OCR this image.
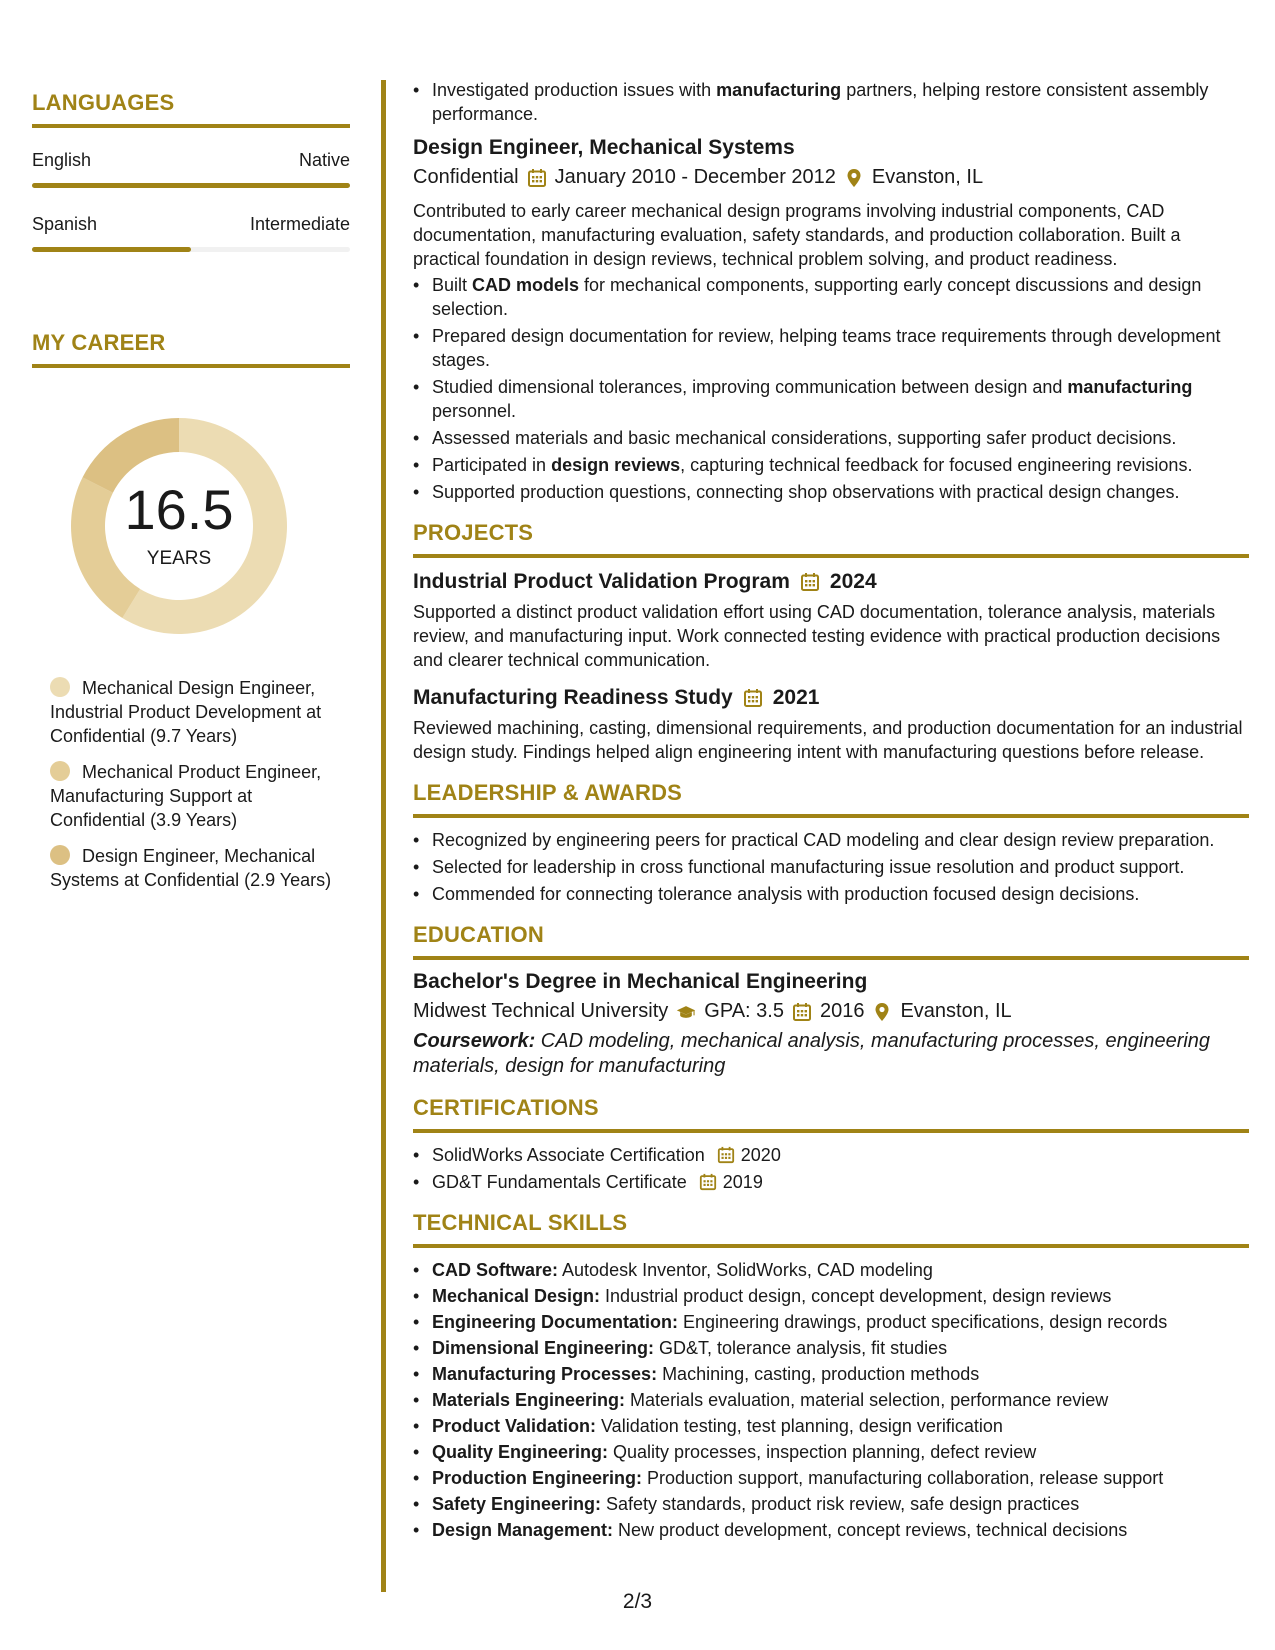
LANGUAGES
English	Native
Spanish	Intermediate
MY CAREER
16.5
YEARS
Mechanical Design Engineer, Industrial Product Development at Confidential (9.7 Years)
Mechanical Product Engineer, Manufacturing Support at Confidential (3.9 Years)
Design Engineer, Mechanical Systems at Confidential (2.9 Years)
• Investigated production issues with manufacturing partners, helping restore consistent assembly performance.
Design Engineer, Mechanical Systems
Confidential January 2010 - December 2012 Evanston, IL

Contributed to early career mechanical design programs involving industrial components, CAD documentation, manufacturing evaluation, safety standards, and production collaboration. Built a practical foundation in design reviews, technical problem solving, and product readiness.

• Built CAD models for mechanical components, supporting early concept discussions and design selection.
• Prepared design documentation for review, helping teams trace requirements through development stages.
• Studied dimensional tolerances, improving communication between design and manufacturing personnel.
• Assessed materials and basic mechanical considerations, supporting safer product decisions.
• Participated in design reviews, capturing technical feedback for focused engineering revisions.
• Supported production questions, connecting shop observations with practical design changes.
PROJECTS
Industrial Product Validation Program 2024

Supported a distinct product validation effort using CAD documentation, tolerance analysis, materials review, and manufacturing input. Work connected testing evidence with practical production decisions and clearer technical communication.

Manufacturing Readiness Study 2021

Reviewed machining, casting, dimensional requirements, and production documentation for an industrial design study. Findings helped align engineering intent with manufacturing questions before release.

LEADERSHIP & AWARDS
• Recognized by engineering peers for practical CAD modeling and clear design review preparation.
• Selected for leadership in cross functional manufacturing issue resolution and product support.
• Commended for connecting tolerance analysis with production focused design decisions.
EDUCATION
Bachelor's Degree in Mechanical Engineering
Midwest Technical University GPA: 3.5 2016 Evanston, IL

Coursework: CAD modeling, mechanical analysis, manufacturing processes, engineering materials, design for manufacturing

CERTIFICATIONS
• SolidWorks Associate Certification 2020
• GD&T Fundamentals Certificate 2019
TECHNICAL SKILLS
• CAD Software: Autodesk Inventor, SolidWorks, CAD modeling
• Mechanical Design: Industrial product design, concept development, design reviews
• Engineering Documentation: Engineering drawings, product specifications, design records
• Dimensional Engineering: GD&T, tolerance analysis, fit studies
• Manufacturing Processes: Machining, casting, production methods
• Materials Engineering: Materials evaluation, material selection, performance review
• Product Validation: Validation testing, test planning, design verification
• Quality Engineering: Quality processes, inspection planning, defect review
• Production Engineering: Production support, manufacturing collaboration, release support
• Safety Engineering: Safety standards, product risk review, safe design practices
• Design Management: New product development, concept reviews, technical decisions
2/3
